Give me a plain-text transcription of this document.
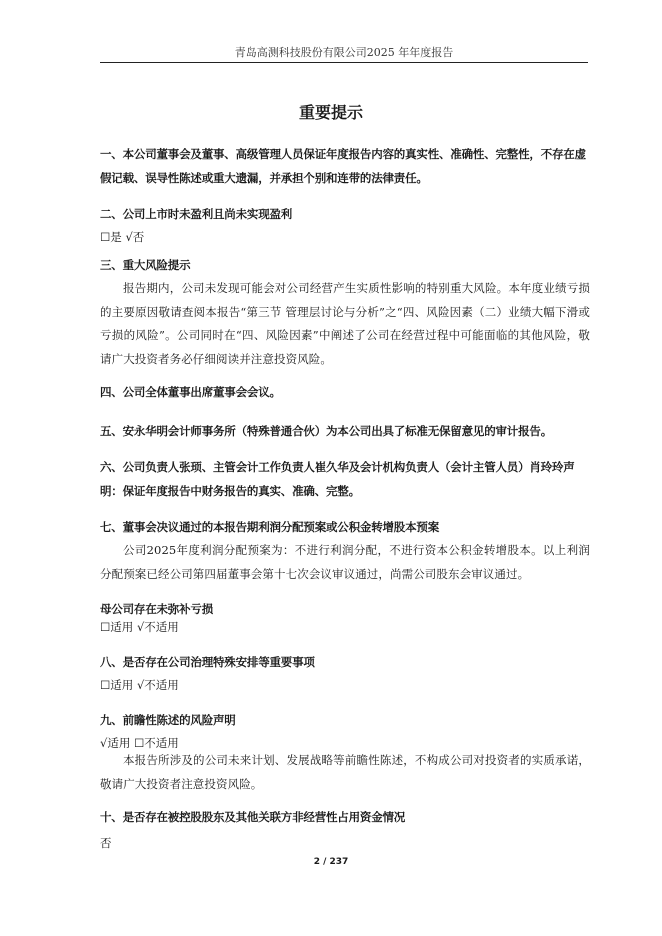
青岛高测科技股份有限公司2025 年年度报告
重要提示
一、本公司董事会及董事、高级管理人员保证年度报告内容的真实性、准确性、完整性，不存在虚假记载、误导性陈述或重大遗漏，并承担个别和连带的法律责任。
二、公司上市时未盈利且尚未实现盈利
☐是 √否
三、重大风险提示
报告期内，公司未发现可能会对公司经营产生实质性影响的特别重大风险。本年度业绩亏损的主要原因敬请查阅本报告“第三节 管理层讨论与分析”之“四、风险因素（二）业绩大幅下滑或亏损的风险”。公司同时在“四、风险因素”中阐述了公司在经营过程中可能面临的其他风险，敬请广大投资者务必仔细阅读并注意投资风险。
四、公司全体董事出席董事会会议。
五、安永华明会计师事务所（特殊普通合伙）为本公司出具了标准无保留意见的审计报告。
六、公司负责人张顼、主管会计工作负责人崔久华及会计机构负责人（会计主管人员）肖玲玲声明：保证年度报告中财务报告的真实、准确、完整。
七、董事会决议通过的本报告期利润分配预案或公积金转增股本预案
公司2025年度利润分配预案为：不进行利润分配，不进行资本公积金转增股本。以上利润分配预案已经公司第四届董事会第十七次会议审议通过，尚需公司股东会审议通过。
母公司存在未弥补亏损
☐适用 √不适用
八、是否存在公司治理特殊安排等重要事项
☐适用 √不适用
九、前瞻性陈述的风险声明
√适用 ☐不适用
本报告所涉及的公司未来计划、发展战略等前瞻性陈述，不构成公司对投资者的实质承诺，敬请广大投资者注意投资风险。
十、是否存在被控股股东及其他关联方非经营性占用资金情况
否
2 / 237
